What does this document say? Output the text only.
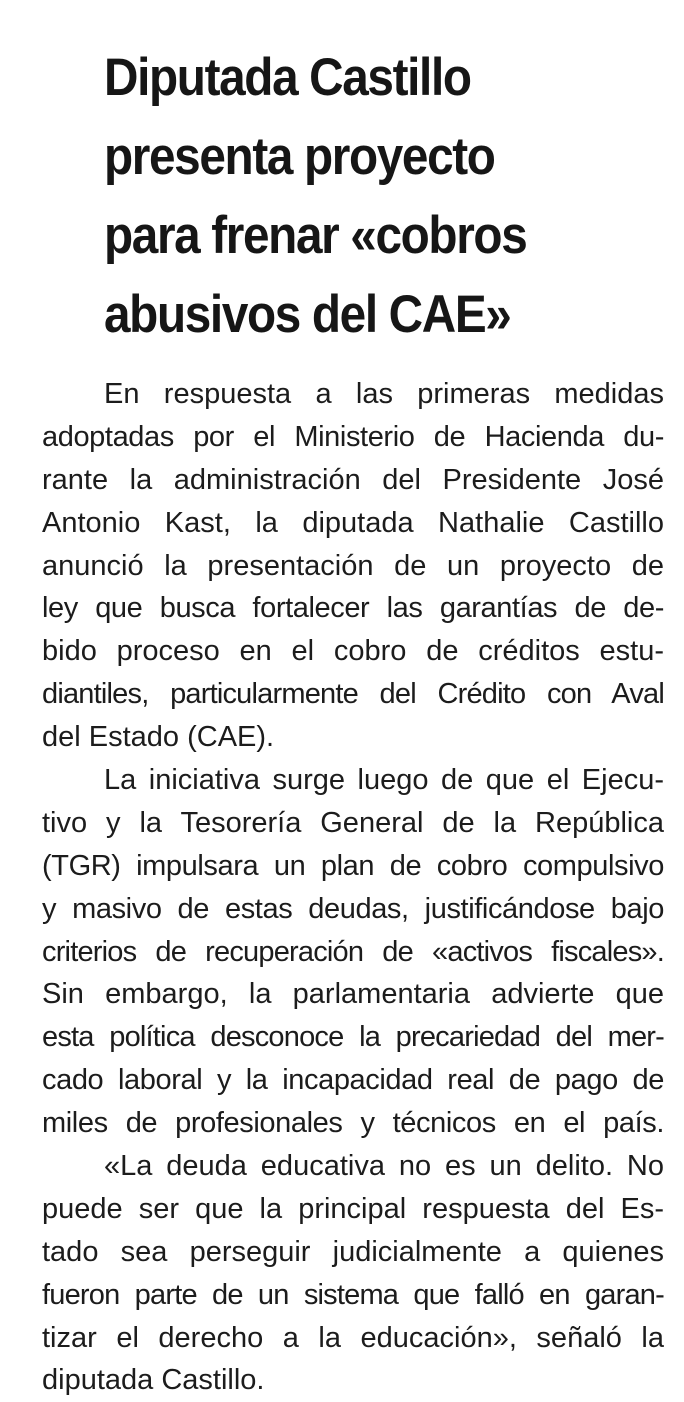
Diputada Castillo
presenta proyecto
para frenar «cobros
abusivos del CAE»
En respuesta a las primeras medidas
adoptadas por el Ministerio de Hacienda du-
rante la administración del Presidente José
Antonio Kast, la diputada Nathalie Castillo
anunció la presentación de un proyecto de
ley que busca fortalecer las garantías de de-
bido proceso en el cobro de créditos estu-
diantiles, particularmente del Crédito con Aval
del Estado (CAE).
La iniciativa surge luego de que el Ejecu-
tivo y la Tesorería General de la República
(TGR) impulsara un plan de cobro compulsivo
y masivo de estas deudas, justificándose bajo
criterios de recuperación de «activos fiscales».
Sin embargo, la parlamentaria advierte que
esta política desconoce la precariedad del mer-
cado laboral y la incapacidad real de pago de
miles de profesionales y técnicos en el país.
«La deuda educativa no es un delito. No
puede ser que la principal respuesta del Es-
tado sea perseguir judicialmente a quienes
fueron parte de un sistema que falló en garan-
tizar el derecho a la educación», señaló la
diputada Castillo.
